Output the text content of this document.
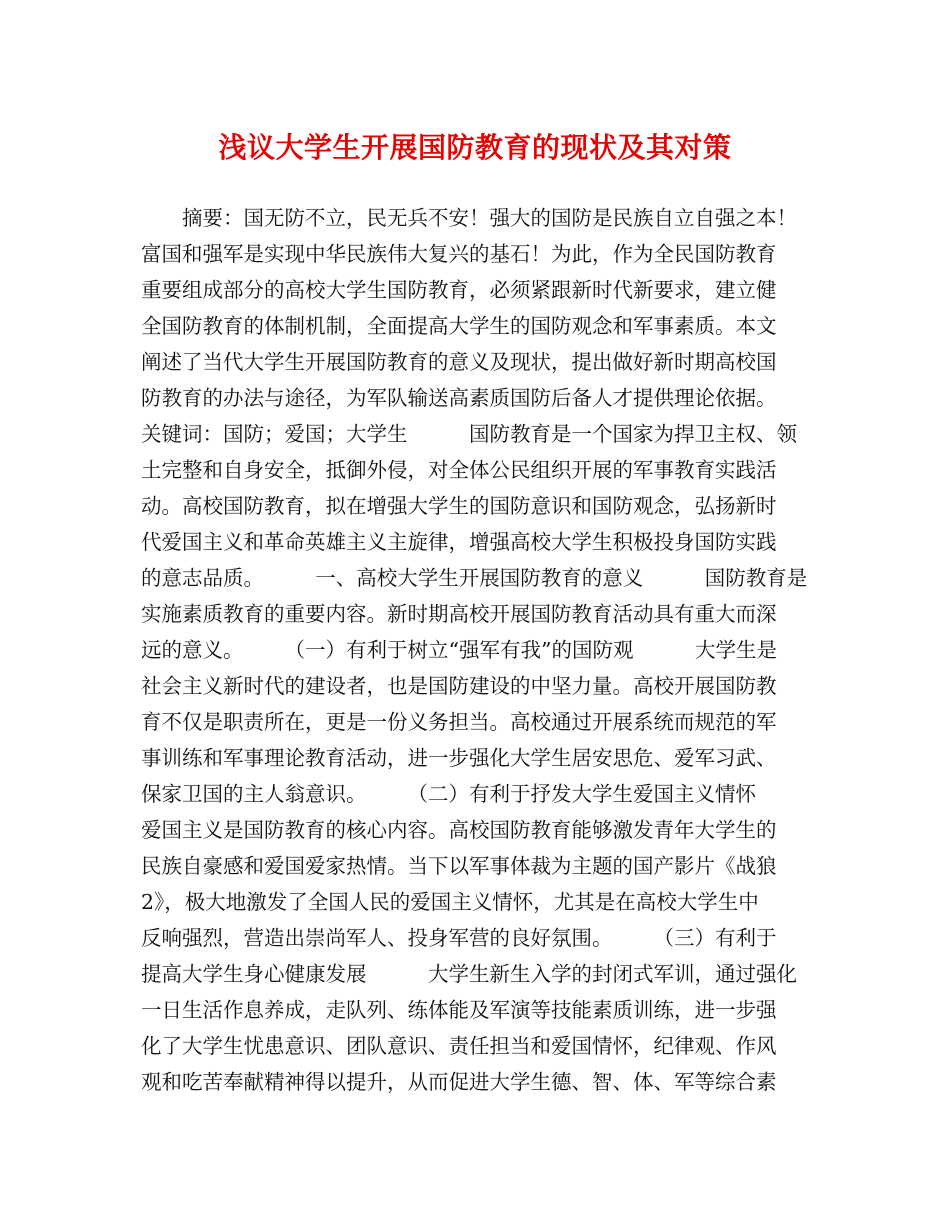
浅议大学生开展国防教育的现状及其对策
　　摘要：国无防不立，民无兵不安！强大的国防是民族自立自强之本！
富国和强军是实现中华民族伟大复兴的基石！为此，作为全民国防教育
重要组成部分的高校大学生国防教育，必须紧跟新时代新要求，建立健
全国防教育的体制机制，全面提高大学生的国防观念和军事素质。本文
阐述了当代大学生开展国防教育的意义及现状，提出做好新时期高校国
防教育的办法与途径，为军队输送高素质国防后备人才提供理论依据。
关键词：国防；爱国；大学生　　　国防教育是一个国家为捍卫主权、领
土完整和自身安全，抵御外侵，对全体公民组织开展的军事教育实践活
动。高校国防教育，拟在增强大学生的国防意识和国防观念，弘扬新时
代爱国主义和革命英雄主义主旋律，增强高校大学生积极投身国防实践
的意志品质。　　　一、高校大学生开展国防教育的意义　　　国防教育是
实施素质教育的重要内容。新时期高校开展国防教育活动具有重大而深
远的意义。　　　（一）有利于树立“强军有我”的国防观　　　大学生是
社会主义新时代的建设者，也是国防建设的中坚力量。高校开展国防教
育不仅是职责所在，更是一份义务担当。高校通过开展系统而规范的军
事训练和军事理论教育活动，进一步强化大学生居安思危、爱军习武、
保家卫国的主人翁意识。　　　（二）有利于抒发大学生爱国主义情怀　
爱国主义是国防教育的核心内容。高校国防教育能够激发青年大学生的
民族自豪感和爱国爱家热情。当下以军事体裁为主题的国产影片《战狼
2》，极大地激发了全国人民的爱国主义情怀，尤其是在高校大学生中
反响强烈，营造出崇尚军人、投身军营的良好氛围。　　　（三）有利于
提高大学生身心健康发展　　　大学生新生入学的封闭式军训，通过强化
一日生活作息养成，走队列、练体能及军演等技能素质训练，进一步强
化了大学生忧患意识、团队意识、责任担当和爱国情怀，纪律观、作风
观和吃苦奉献精神得以提升，从而促进大学生德、智、体、军等综合素
